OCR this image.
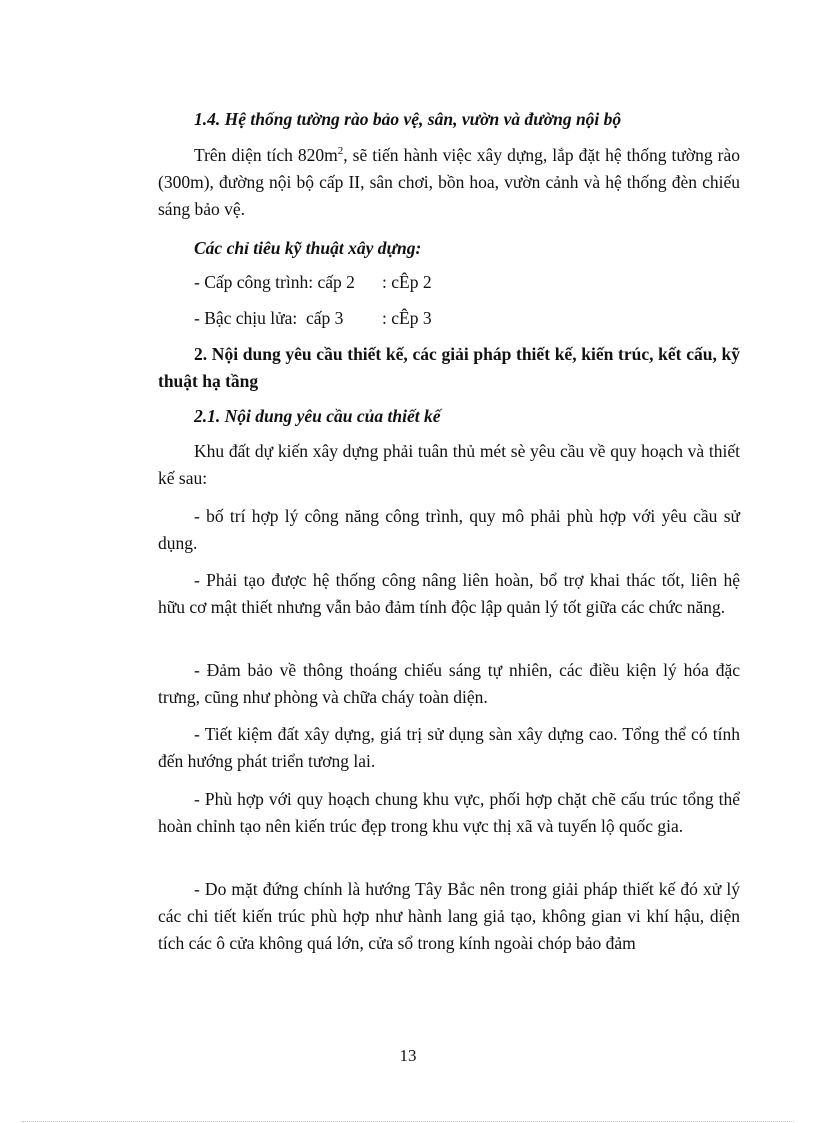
1.4. Hệ thống tường rào bảo vệ, sân, vườn và đường nội bộ

Trên diện tích $820m^2$, sẽ tiến hành việc xây dựng, lắp đặt hệ thống tường rào (300m), đường nội bộ cấp II, sân chơi, bồn hoa, vườn cảnh và hệ thống đèn chiếu sáng bảo vệ.

Các chỉ tiêu kỹ thuật xây dựng:

- Cấp công trình: cấp 2 : cÊp 2

- Bậc chịu lửa:  cấp 3 : cÊp 3

2. Nội dung yêu cầu thiết kế, các giải pháp thiết kế, kiến trúc, kết cấu, kỹ thuật hạ tầng

2.1. Nội dung yêu cầu của thiết kế

Khu đất dự kiến xây dựng phải tuân thủ mét sè yêu cầu về quy hoạch và thiết kế sau:

- bố trí hợp lý công năng công trình, quy mô phải phù hợp với yêu cầu sử dụng.

- Phải tạo được hệ thống công nâng liên hoàn, bổ trợ khai thác tốt, liên hệ hữu cơ mật thiết nhưng vẫn bảo đảm tính độc lập quản lý tốt giữa các chức năng.

- Đảm bảo về thông thoáng chiếu sáng tự nhiên, các điều kiện lý hóa đặc trưng, cũng như phòng và chữa cháy toàn diện.

- Tiết kiệm đất xây dựng, giá trị sử dụng sàn xây dựng cao. Tổng thể có tính đến hướng phát triển tương lai.

- Phù hợp với quy hoạch chung khu vực, phối hợp chặt chẽ cấu trúc tổng thể hoàn chỉnh tạo nên kiến trúc đẹp trong khu vực thị xã và tuyến lộ quốc gia.

- Do mặt đứng chính là hướng Tây Bắc nên trong giải pháp thiết kế đó xử lý các chi tiết kiến trúc phù hợp như hành lang giả tạo, không gian vi khí hậu, diện tích các ô cửa không quá lớn, cửa sổ trong kính ngoài chóp bảo đảm

13
